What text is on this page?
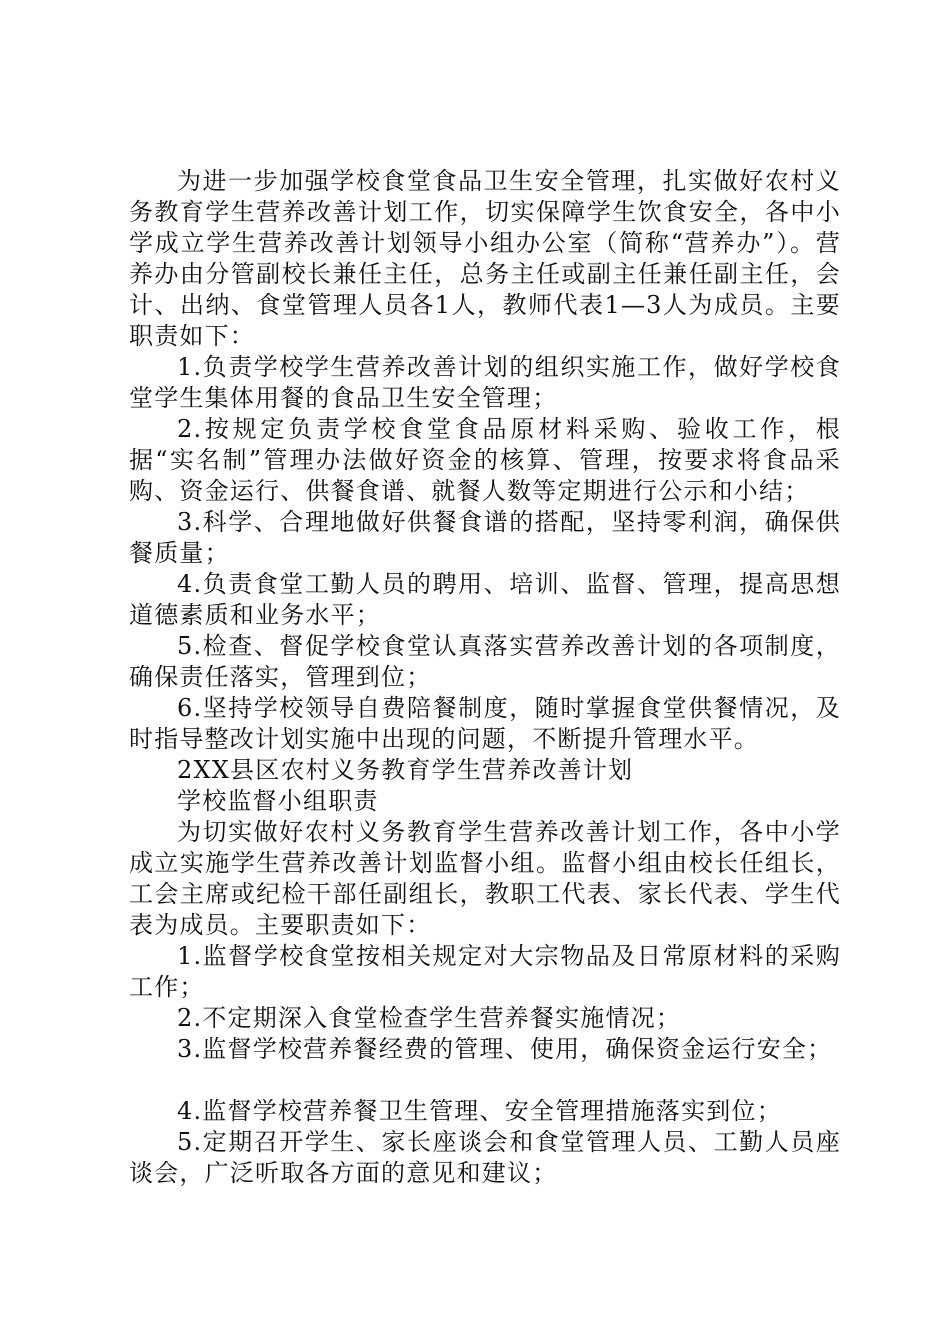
为进一步加强学校食堂食品卫生安全管理，扎实做好农村义务教育学生营养改善计划工作，切实保障学生饮食安全，各中小学成立学生营养改善计划领导小组办公室（简称“营养办”）。营养办由分管副校长兼任主任，总务主任或副主任兼任副主任，会计、出纳、食堂管理人员各1人，教师代表1—3人为成员。主要职责如下：

1.负责学校学生营养改善计划的组织实施工作，做好学校食堂学生集体用餐的食品卫生安全管理；

2.按规定负责学校食堂食品原材料采购、验收工作，根据“实名制”管理办法做好资金的核算、管理，按要求将食品采购、资金运行、供餐食谱、就餐人数等定期进行公示和小结；

3.科学、合理地做好供餐食谱的搭配，坚持零利润，确保供餐质量；

4.负责食堂工勤人员的聘用、培训、监督、管理，提高思想道德素质和业务水平；

5.检查、督促学校食堂认真落实营养改善计划的各项制度，确保责任落实，管理到位；

6.坚持学校领导自费陪餐制度，随时掌握食堂供餐情况，及时指导整改计划实施中出现的问题，不断提升管理水平。

2XX县区农村义务教育学生营养改善计划

学校监督小组职责

为切实做好农村义务教育学生营养改善计划工作，各中小学成立实施学生营养改善计划监督小组。监督小组由校长任组长，工会主席或纪检干部任副组长，教职工代表、家长代表、学生代表为成员。主要职责如下：

1.监督学校食堂按相关规定对大宗物品及日常原材料的采购工作；

2.不定期深入食堂检查学生营养餐实施情况；

3.监督学校营养餐经费的管理、使用，确保资金运行安全；

4.监督学校营养餐卫生管理、安全管理措施落实到位；

5.定期召开学生、家长座谈会和食堂管理人员、工勤人员座谈会，广泛听取各方面的意见和建议；
